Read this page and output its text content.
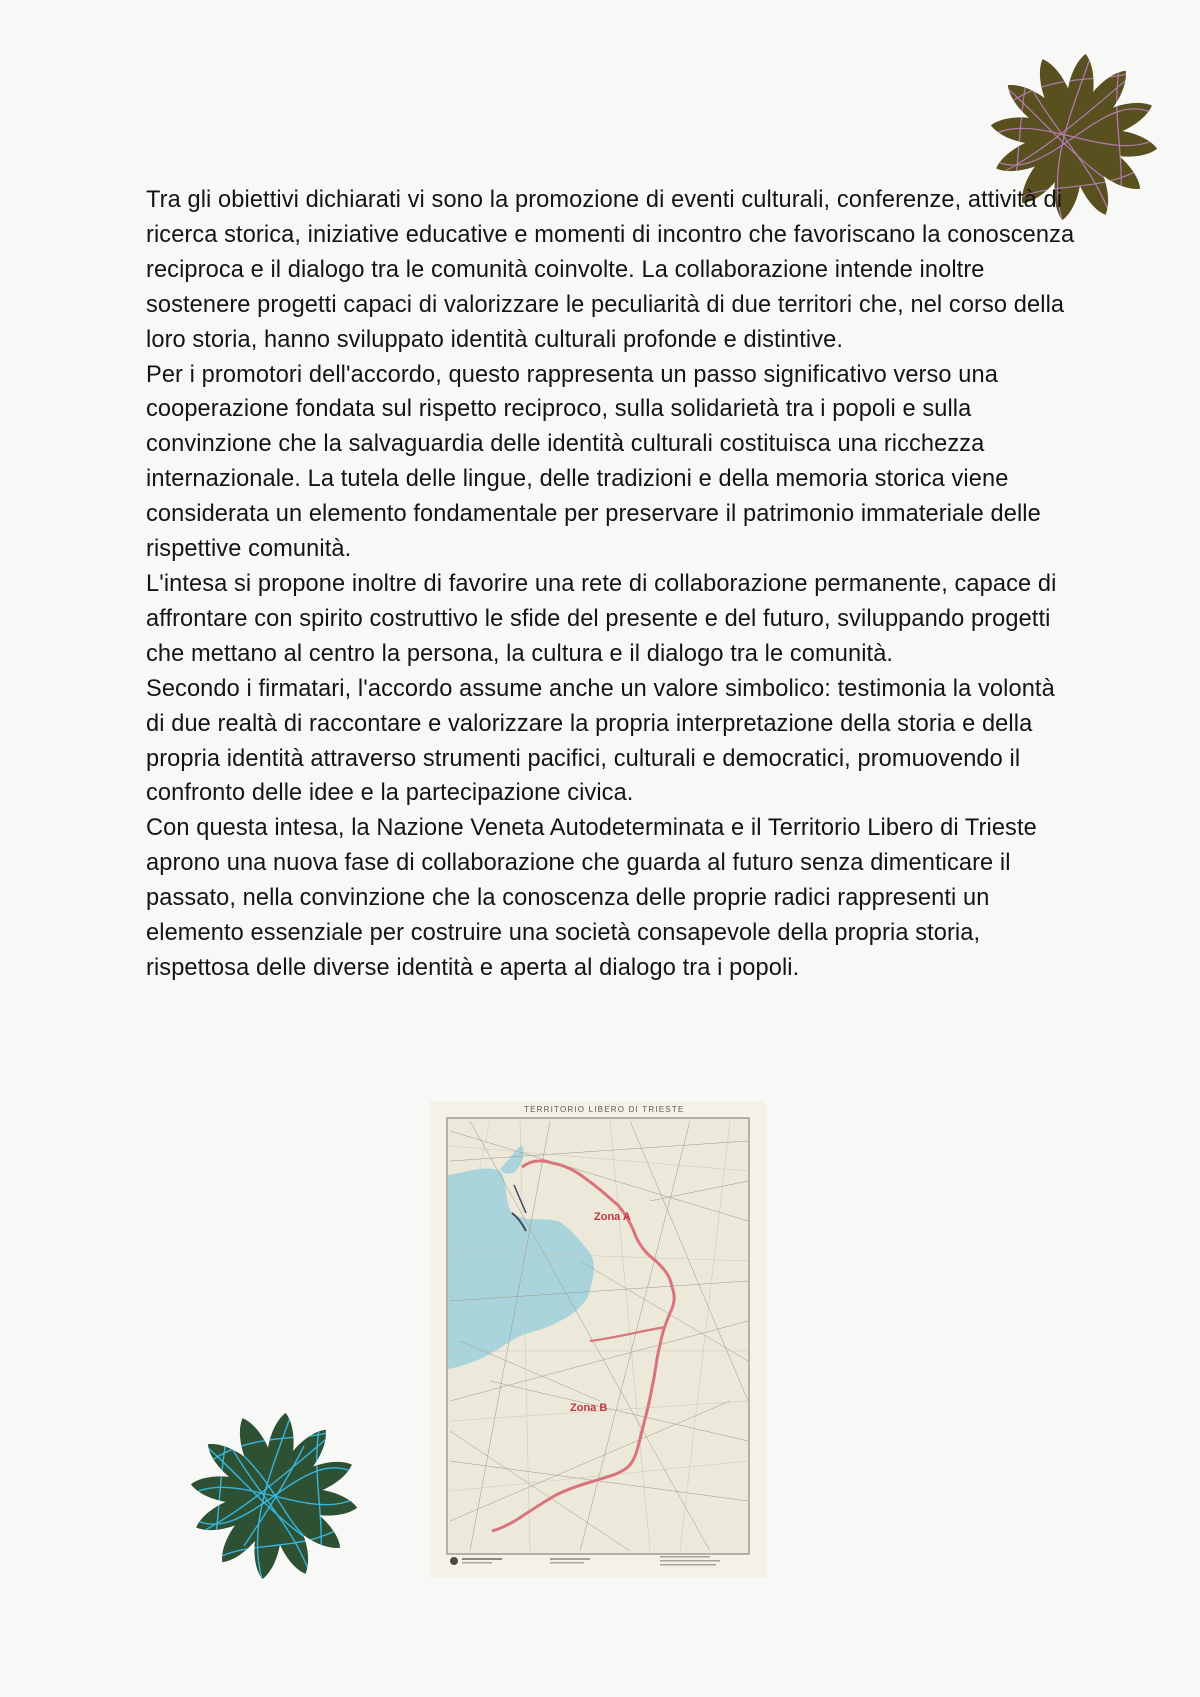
Tra gli obiettivi dichiarati vi sono la promozione di eventi culturali, conferenze, attività di ricerca storica, iniziative educative e momenti di incontro che favoriscano la conoscenza reciproca e il dialogo tra le comunità coinvolte. La collaborazione intende inoltre sostenere progetti capaci di valorizzare le peculiarità di due territori che, nel corso della loro storia, hanno sviluppato identità culturali profonde e distintive.

Per i promotori dell'accordo, questo rappresenta un passo significativo verso una cooperazione fondata sul rispetto reciproco, sulla solidarietà tra i popoli e sulla convinzione che la salvaguardia delle identità culturali costituisca una ricchezza internazionale. La tutela delle lingue, delle tradizioni e della memoria storica viene considerata un elemento fondamentale per preservare il patrimonio immateriale delle rispettive comunità.

L'intesa si propone inoltre di favorire una rete di collaborazione permanente, capace di affrontare con spirito costruttivo le sfide del presente e del futuro, sviluppando progetti che mettano al centro la persona, la cultura e il dialogo tra le comunità.

Secondo i firmatari, l'accordo assume anche un valore simbolico: testimonia la volontà di due realtà di raccontare e valorizzare la propria interpretazione della storia e della propria identità attraverso strumenti pacifici, culturali e democratici, promuovendo il confronto delle idee e la partecipazione civica.

Con questa intesa, la Nazione Veneta Autodeterminata e il Territorio Libero di Trieste aprono una nuova fase di collaborazione che guarda al futuro senza dimenticare il passato, nella convinzione che la conoscenza delle proprie radici rappresenti un elemento essenziale per costruire una società consapevole della propria storia, rispettosa delle diverse identità e aperta al dialogo tra i popoli.

TERRITORIO LIBERO DI TRIESTE
Zona A
Zona B
